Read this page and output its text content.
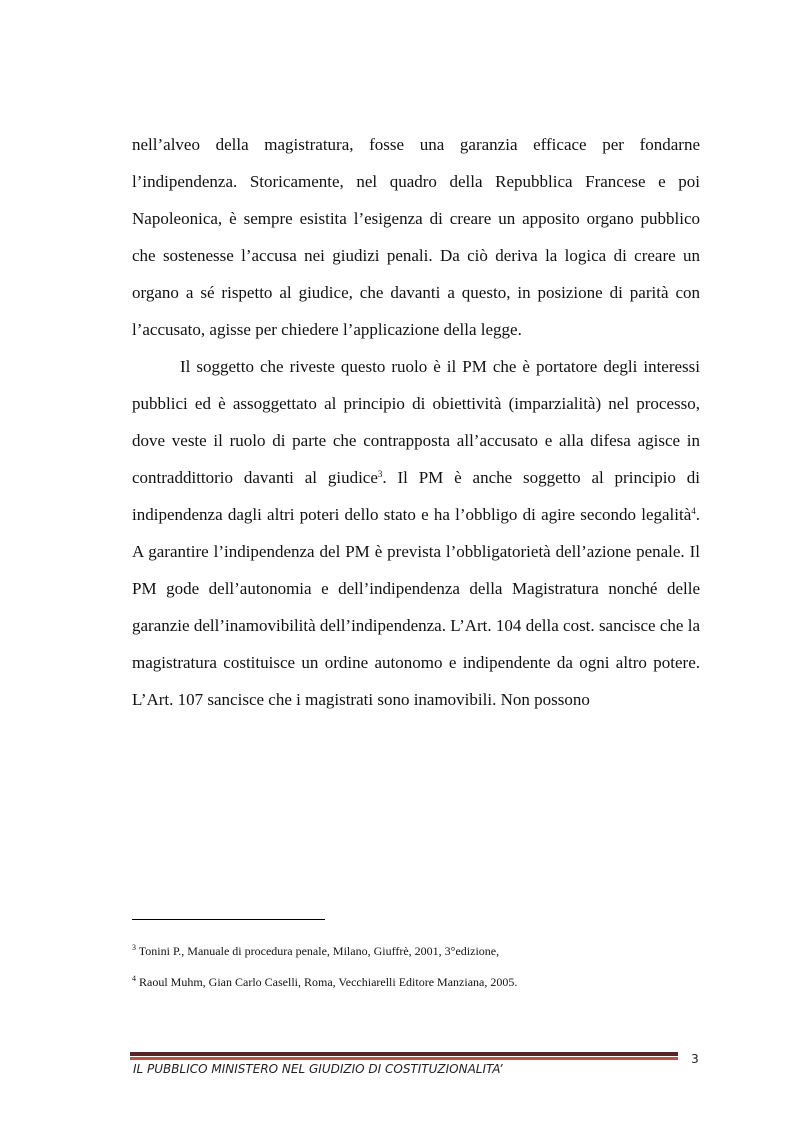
nell’alveo della magistratura, fosse una garanzia efficace per fondarne l’indipendenza. Storicamente, nel quadro della Repubblica Francese e poi Napoleonica, è sempre esistita l’esigenza di creare un apposito organo pubblico che sostenesse l’accusa nei giudizi penali. Da ciò deriva la logica di creare un organo a sé rispetto al giudice, che davanti a questo, in posizione di parità con l’accusato, agisse per chiedere l’applicazione della legge.

Il soggetto che riveste questo ruolo è il PM che è portatore degli interessi pubblici ed è assoggettato al principio di obiettività (imparzialità) nel processo, dove veste il ruolo di parte che contrapposta all’accusato e alla difesa agisce in contraddittorio davanti al giudice$^3$. Il PM è anche soggetto al principio di indipendenza dagli altri poteri dello stato e ha l’obbligo di agire secondo legalità$^4$. A garantire l’indipendenza del PM è prevista l’obbligatorietà dell’azione penale. Il PM gode dell’autonomia e dell’indipendenza della Magistratura nonché delle garanzie dell’inamovibilità dell’indipendenza. L’Art. 104 della cost. sancisce che la magistratura costituisce un ordine autonomo e indipendente da ogni altro potere. L’Art. 107 sancisce che i magistrati sono inamovibili. Non possono

$^3$ Tonini P., Manuale di procedura penale, Milano, Giuffrè, 2001, 3°edizione,

$^4$ Raoul Muhm, Gian Carlo Caselli, Roma, Vecchiarelli Editore Manziana, 2005.

IL PUBBLICO MINISTERO NEL GIUDIZIO DI COSTITUZIONALITA’
3
